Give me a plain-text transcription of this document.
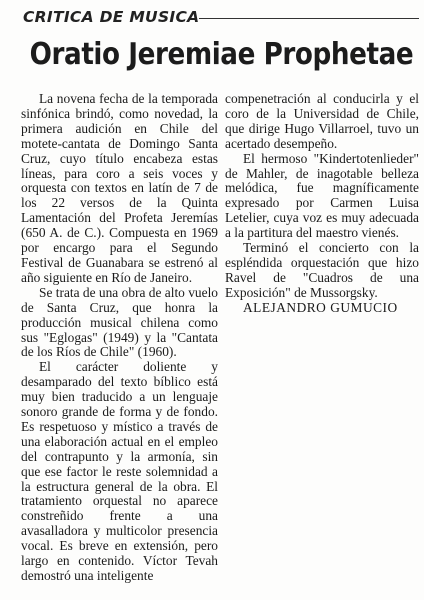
CRITICA DE MUSICA
Oratio Jeremiae Prophetae

La novena fecha de la temporada sinfónica brindó, como novedad, la primera audición en Chile del motete-cantata de Domingo Santa Cruz, cuyo título encabeza estas líneas, para coro a seis voces y orquesta con textos en latín de 7 de los 22 versos de la Quinta Lamentación del Profeta Jeremías (650 A. de C.). Compuesta en 1969 por encargo para el Segundo Festival de Guanabara se estrenó al año siguiente en Río de Janeiro.

Se trata de una obra de alto vuelo de Santa Cruz, que honra la producción musical chilena como sus "Eglogas" (1949) y la "Cantata de los Ríos de Chile" (1960).

El carácter doliente y desamparado del texto bíblico está muy bien traducido a un lenguaje sonoro grande de forma y de fondo. Es respetuoso y místico a través de una elaboración actual en el empleo del contrapunto y la armonía, sin que ese factor le reste solemnidad a la estructura general de la obra. El tratamiento orquestal no aparece constreñido frente a una avasalladora y multicolor presencia vocal. Es breve en extensión, pero largo en contenido. Víctor Tevah demostró una inteligente

compenetración al conducirla y el coro de la Universidad de Chile, que dirige Hugo Villarroel, tuvo un acertado desempeño.

El hermoso "Kindertotenlieder" de Mahler, de inagotable belleza melódica, fue magníficamente expresado por Carmen Luisa Letelier, cuya voz es muy adecuada a la partitura del maestro vienés.

Terminó el concierto con la espléndida orquestación que hizo Ravel de "Cuadros de una Exposición" de Mussorgsky.

ALEJANDRO GUMUCIO
